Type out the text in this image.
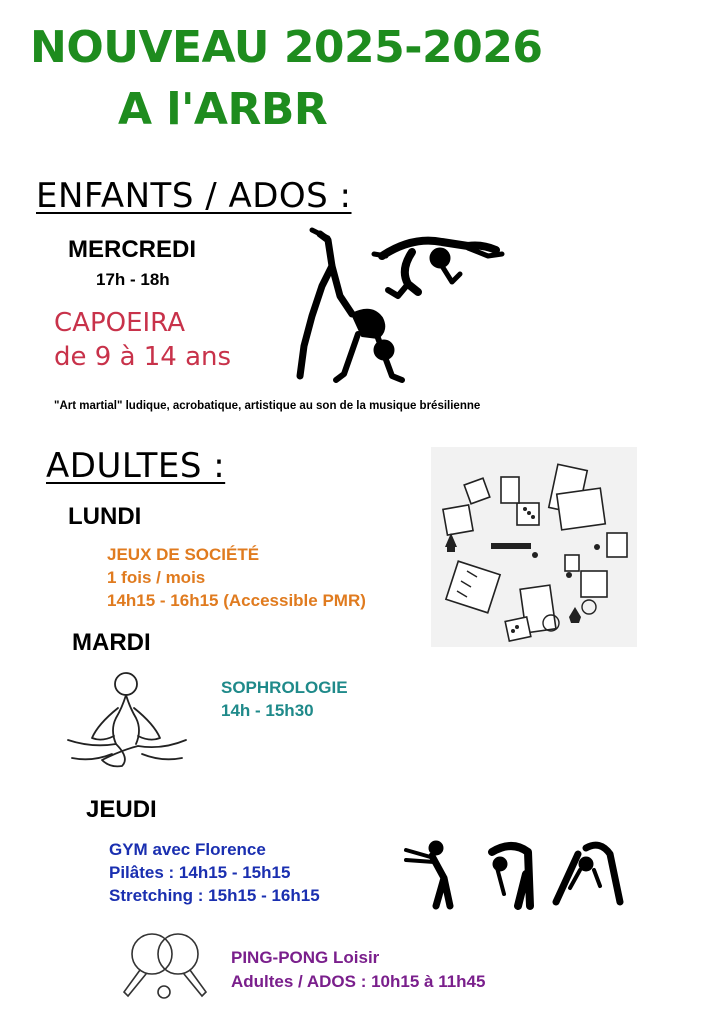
NOUVEAU 2025-2026
A l'ARBR
ENFANTS / ADOS :
MERCREDI
17h - 18h
CAPOEIRA
de 9 à 14 ans
"Art martial" ludique, acrobatique, artistique au son de la musique brésilienne
ADULTES :
LUNDI
JEUX DE SOCIÉTÉ
1 fois / mois
14h15 - 16h15 (Accessible PMR)
MARDI
SOPHROLOGIE
14h - 15h30
JEUDI
GYM avec Florence
Pilâtes : 14h15 - 15h15
Stretching : 15h15 - 16h15
PING-PONG Loisir
Adultes / ADOS : 10h15 à 11h45
